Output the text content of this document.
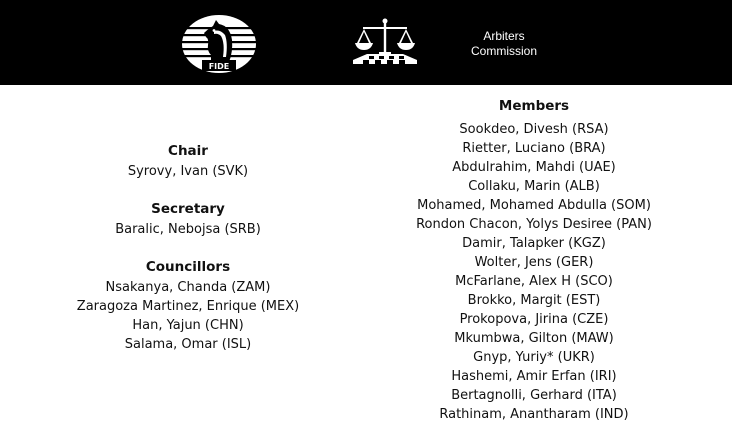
FIDE
Arbiters
Commission
Chair
Syrovy, Ivan (SVK)
Secretary
Baralic, Nebojsa (SRB)
Councillors
Nsakanya, Chanda (ZAM)
Zaragoza Martinez, Enrique (MEX)
Han, Yajun (CHN)
Salama, Omar (ISL)
Members
Sookdeo, Divesh (RSA)
Rietter, Luciano (BRA)
Abdulrahim, Mahdi (UAE)
Collaku, Marin (ALB)
Mohamed, Mohamed Abdulla (SOM)
Rondon Chacon, Yolys Desiree (PAN)
Damir, Talapker (KGZ)
Wolter, Jens (GER)
McFarlane, Alex H (SCO)
Brokko, Margit (EST)
Prokopova, Jirina (CZE)
Mkumbwa, Gilton (MAW)
Gnyp, Yuriy* (UKR)
Hashemi, Amir Erfan (IRI)
Bertagnolli, Gerhard (ITA)
Rathinam, Anantharam (IND)
